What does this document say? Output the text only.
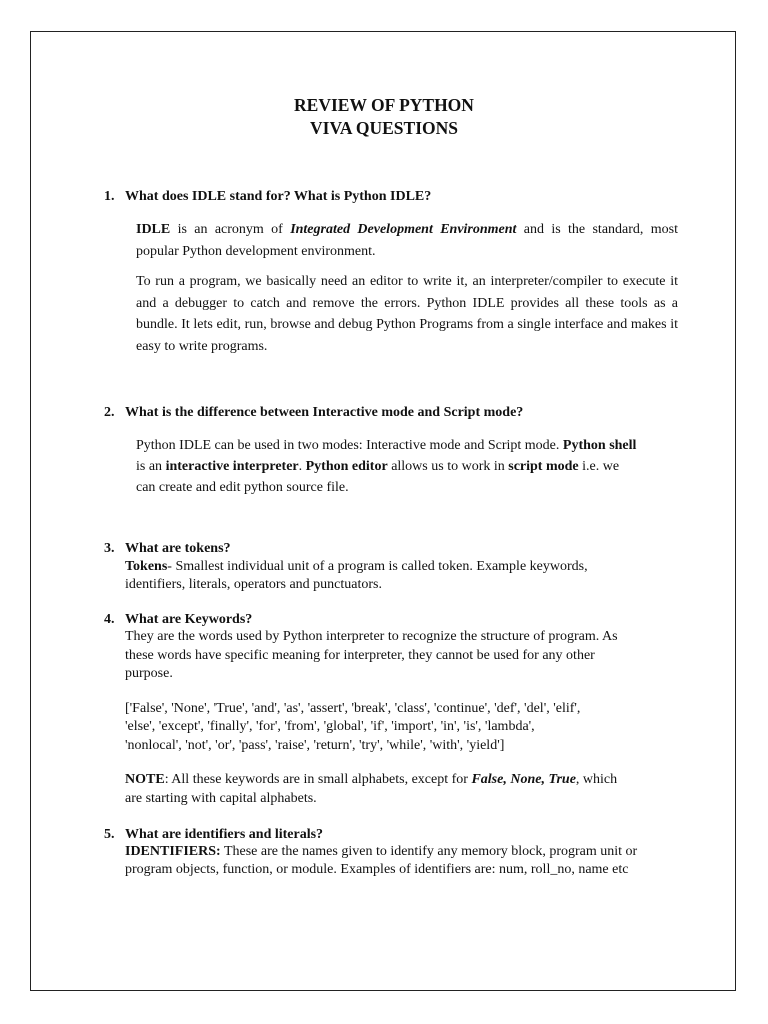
REVIEW OF PYTHON
VIVA QUESTIONS
1. What does IDLE stand for? What is Python IDLE?
IDLE is an acronym of Integrated Development Environment and is the standard, most popular Python development environment.
To run a program, we basically need an editor to write it, an interpreter/compiler to execute it and a debugger to catch and remove the errors. Python IDLE provides all these tools as a bundle. It lets edit, run, browse and debug Python Programs from a single interface and makes it easy to write programs.
2. What is the difference between Interactive mode and Script mode?
Python IDLE can be used in two modes: Interactive mode and Script mode. Python shell
is an interactive interpreter. Python editor allows us to work in script mode i.e. we
can create and edit python source file.
3. What are tokens?
Tokens- Smallest individual unit of a program is called token. Example keywords,
identifiers, literals, operators and punctuators.
4. What are Keywords?
They are the words used by Python interpreter to recognize the structure of program. As
these words have specific meaning for interpreter, they cannot be used for any other
purpose.
['False', 'None', 'True', 'and', 'as', 'assert', 'break', 'class', 'continue', 'def', 'del', 'elif',
'else', 'except', 'finally', 'for', 'from', 'global', 'if', 'import', 'in', 'is', 'lambda',
'nonlocal', 'not', 'or', 'pass', 'raise', 'return', 'try', 'while', 'with', 'yield']
NOTE: All these keywords are in small alphabets, except for False, None, True, which
are starting with capital alphabets.
5. What are identifiers and literals?
IDENTIFIERS: These are the names given to identify any memory block, program unit or
program objects, function, or module. Examples of identifiers are: num, roll_no, name etc
